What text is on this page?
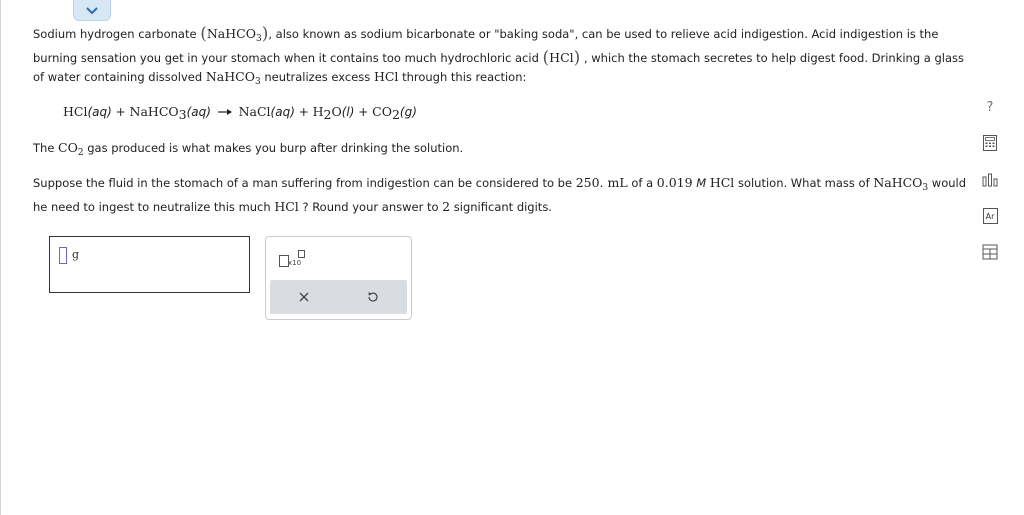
Sodium hydrogen carbonate (NaHCO$_3$), also known as sodium bicarbonate or "baking soda", can be used to relieve acid indigestion. Acid indigestion is the
burning sensation you get in your stomach when it contains too much hydrochloric acid (HCl) , which the stomach secretes to help digest food. Drinking a glass
of water containing dissolved NaHCO$_3$ neutralizes excess HCl through this reaction:
HCl(aq) + NaHCO$_3$(aq) → NaCl(aq) + $H_2O(l) + CO_2(g)$
The $CO_2$ gas produced is what makes you burp after drinking the solution.
Suppose the fluid in the stomach of a man suffering from indigestion can be considered to be 250. mL of a 0.019 M HCl solution. What mass of NaHCO$_3$ would
he need to ingest to neutralize this much HCl ? Round your answer to 2 significant digits.
g
x10
?
Ar
